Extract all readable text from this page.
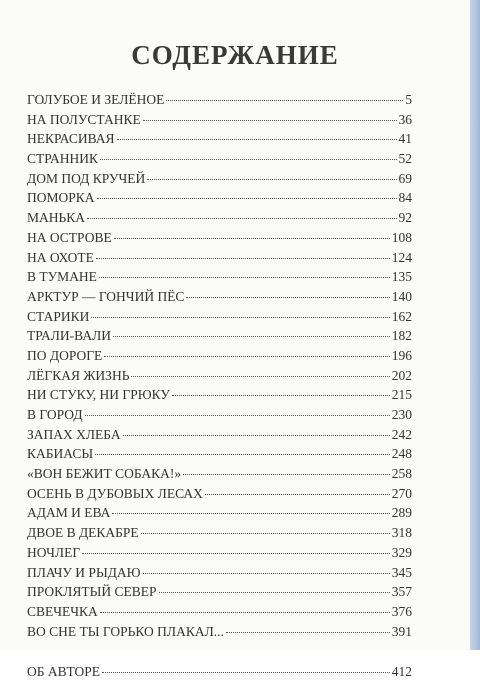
СОДЕРЖАНИЕ
ГОЛУБОЕ И ЗЕЛЁНОЕ	5
НА ПОЛУСТАНКЕ	36
НЕКРАСИВАЯ	41
СТРАННИК	52
ДОМ ПОД КРУЧЕЙ	69
ПОМОРКА	84
МАНЬКА	92
НА ОСТРОВЕ	108
НА ОХОТЕ	124
В ТУМАНЕ	135
АРКТУР — ГОНЧИЙ ПЁС	140
СТАРИКИ	162
ТРАЛИ-ВАЛИ	182
ПО ДОРОГЕ	196
ЛЁГКАЯ ЖИЗНЬ	202
НИ СТУКУ, НИ ГРЮКУ	215
В ГОРОД	230
ЗАПАХ ХЛЕБА	242
КАБИАСЫ	248
«ВОН БЕЖИТ СОБАКА!»	258
ОСЕНЬ В ДУБОВЫХ ЛЕСАХ	270
АДАМ И ЕВА	289
ДВОЕ В ДЕКАБРЕ	318
НОЧЛЕГ	329
ПЛАЧУ И РЫДАЮ	345
ПРОКЛЯТЫЙ СЕВЕР	357
СВЕЧЕЧКА	376
ВО СНЕ ТЫ ГОРЬКО ПЛАКАЛ...	391
ОБ АВТОРЕ	412
